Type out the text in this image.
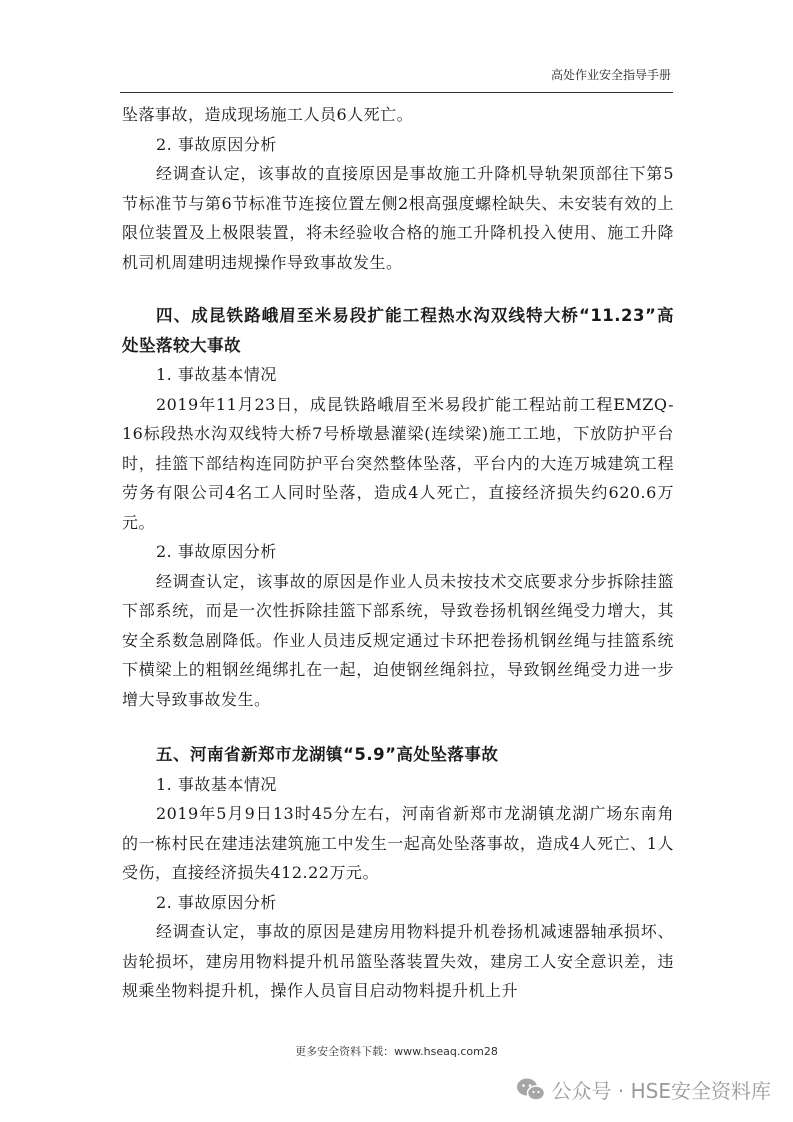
高处作业安全指导手册

坠落事故，造成现场施工人员6人死亡。

2. 事故原因分析

经调查认定，该事故的直接原因是事故施工升降机导轨架顶部往下第5节标准节与第6节标准节连接位置左侧2根高强度螺栓缺失、未安装有效的上限位装置及上极限装置，将未经验收合格的施工升降机投入使用、施工升降机司机周建明违规操作导致事故发生。

四、成昆铁路峨眉至米易段扩能工程热水沟双线特大桥“11.23”高处坠落较大事故

1. 事故基本情况

2019年11月23日，成昆铁路峨眉至米易段扩能工程站前工程EMZQ-16标段热水沟双线特大桥7号桥墩悬灌梁(连续梁)施工工地，下放防护平台时，挂篮下部结构连同防护平台突然整体坠落，平台内的大连万城建筑工程劳务有限公司4名工人同时坠落，造成4人死亡，直接经济损失约620.6万元。

2. 事故原因分析

经调查认定，该事故的原因是作业人员未按技术交底要求分步拆除挂篮下部系统，而是一次性拆除挂篮下部系统，导致卷扬机钢丝绳受力增大，其安全系数急剧降低。作业人员违反规定通过卡环把卷扬机钢丝绳与挂篮系统下横梁上的粗钢丝绳绑扎在一起，迫使钢丝绳斜拉，导致钢丝绳受力进一步增大导致事故发生。

五、河南省新郑市龙湖镇“5.9”高处坠落事故

1. 事故基本情况

2019年5月9日13时45分左右，河南省新郑市龙湖镇龙湖广场东南角的一栋村民在建违法建筑施工中发生一起高处坠落事故，造成4人死亡、1人受伤，直接经济损失412.22万元。

2. 事故原因分析

经调查认定，事故的原因是建房用物料提升机卷扬机减速器轴承损坏、齿轮损坏，建房用物料提升机吊篮坠落装置失效，建房工人安全意识差，违规乘坐物料提升机，操作人员盲目启动物料提升机上升

更多安全资料下载：www.hseaq.com28
公众号 · HSE安全资料库
